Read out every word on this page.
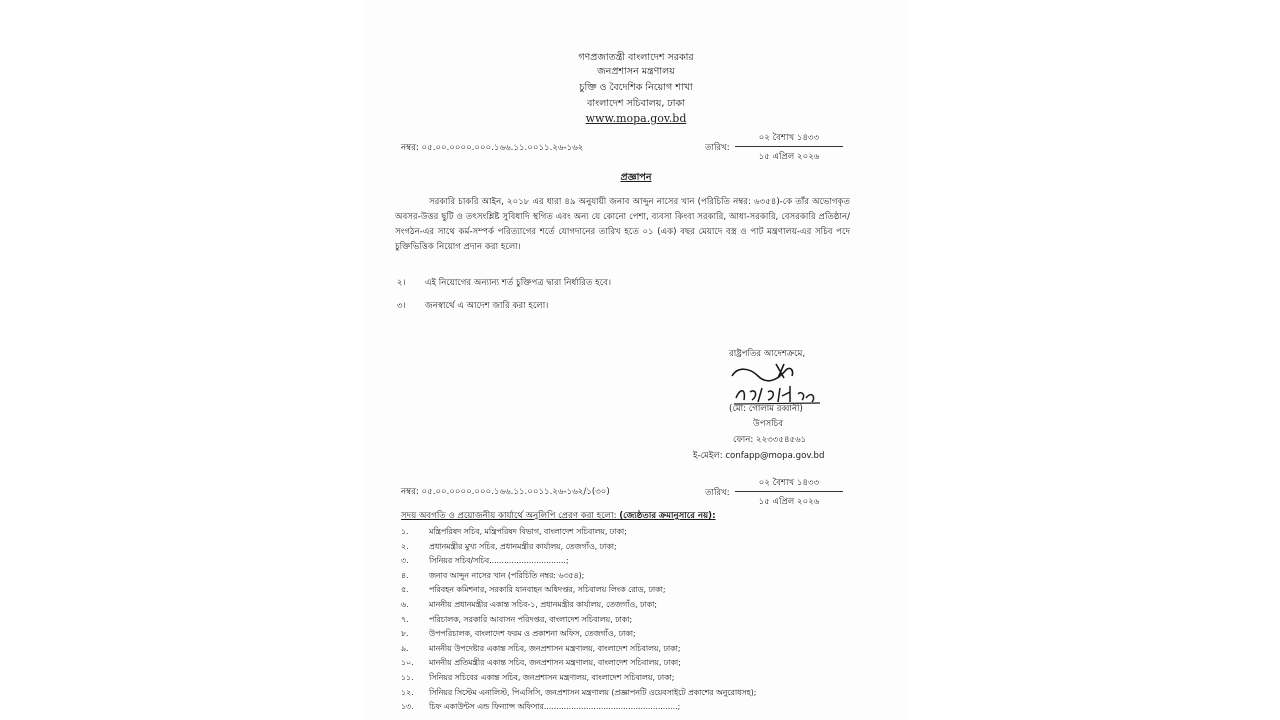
গণপ্রজাতন্ত্রী বাংলাদেশ সরকার
জনপ্রশাসন মন্ত্রণালয়
চুক্তি ও বৈদেশিক নিয়োগ শাখা
বাংলাদেশ সচিবালয়, ঢাকা
www.mopa.gov.bd
নম্বর: ০৫.০০.০০০০.০০০.১৬৬.১১.০০১১.২৬-১৬২	তারিখ:
০২ বৈশাখ ১৪৩৩
১৫ এপ্রিল ২০২৬
প্রজ্ঞাপন
সরকারি চাকরি আইন, ২০১৮ এর ধারা ৪৯ অনুযায়ী জনাব আব্দুন নাসের খান (পরিচিতি নম্বর: ৬৩৫৪)-কে তাঁর অভোগকৃত অবসর-উত্তর ছুটি ও তৎসংশ্লিষ্ট সুবিধাদি স্থগিত এবং অন্য যে কোনো পেশা, ব্যবসা কিংবা সরকারি, আধা-সরকারি, বেসরকারি প্রতিষ্ঠান/সংগঠন-এর সাথে কর্ম-সম্পর্ক পরিত্যাগের শর্তে যোগদানের তারিখ হতে ০১ (এক) বছর মেয়াদে বস্ত্র ও পাট মন্ত্রণালয়-এর সচিব পদে চুক্তিভিত্তিক নিয়োগ প্রদান করা হলো।
২। এই নিয়োগের অন্যান্য শর্ত চুক্তিপত্র দ্বারা নির্ধারিত হবে।
৩। জনস্বার্থে এ আদেশ জারি করা হলো।
রাষ্ট্রপতির আদেশক্রমে,
(মো: গোলাম রব্বানী)
উপসচিব
ফোন: ২২৩৩৫৪৫৬১
ই-মেইল: confapp@mopa.gov.bd
নম্বর: ০৫.০০.০০০০.০০০.১৬৬.১১.০০১১.২৬-১৬২/১(৩০)	তারিখ:
০২ বৈশাখ ১৪৩৩
১৫ এপ্রিল ২০২৬
সদয় অবগতি ও প্রয়োজনীয় কার্যার্থে অনুলিপি প্রেরণ করা হলো: (জ্যেষ্ঠতার ক্রমানুসারে নয়):
১.	মন্ত্রিপরিষদ সচিব, মন্ত্রিপরিষদ বিভাগ, বাংলাদেশ সচিবালয়, ঢাকা;
২.	প্রধানমন্ত্রীর মুখ্য সচিব, প্রধানমন্ত্রীর কার্যালয়, তেজগাঁও, ঢাকা;
৩.	সিনিয়র সচিব/সচিব...............................;
৪.	জনাব আব্দুন নাসের খান (পরিচিতি নম্বর: ৬৩৫৪);
৫.	পরিবহন কমিশনার, সরকারি যানবাহন অধিদপ্তর, সচিবালয় লিংক রোড, ঢাকা;
৬.	মাননীয় প্রধানমন্ত্রীর একান্ত সচিব-১, প্রধানমন্ত্রীর কার্যালয়, তেজগাঁও, ঢাকা;
৭.	পরিচালক, সরকারি আবাসন পরিদপ্তর, বাংলাদেশ সচিবালয়, ঢাকা;
৮.	উপপরিচালক, বাংলাদেশ ফরম ও প্রকাশনা অফিস, তেজগাঁও, ঢাকা;
৯.	মাননীয় উপদেষ্টার একান্ত সচিব, জনপ্রশাসন মন্ত্রণালয়, বাংলাদেশ সচিবালয়, ঢাকা;
১০. মাননীয় প্রতিমন্ত্রীর একান্ত সচিব, জনপ্রশাসন মন্ত্রণালয়, বাংলাদেশ সচিবালয়, ঢাকা;
১১. সিনিয়র সচিবের একান্ত সচিব, জনপ্রশাসন মন্ত্রণালয়, বাংলাদেশ সচিবালয়, ঢাকা;
১২. সিনিয়র সিস্টেম এনালিস্ট, পিএসিসি, জনপ্রশাসন মন্ত্রণালয় (প্রজ্ঞাপনটি ওয়েবসাইটে প্রকাশের অনুরোধসহ);
১৩. চিফ একাউন্টস এন্ড ফিন্যান্স অফিসার......................................................;
